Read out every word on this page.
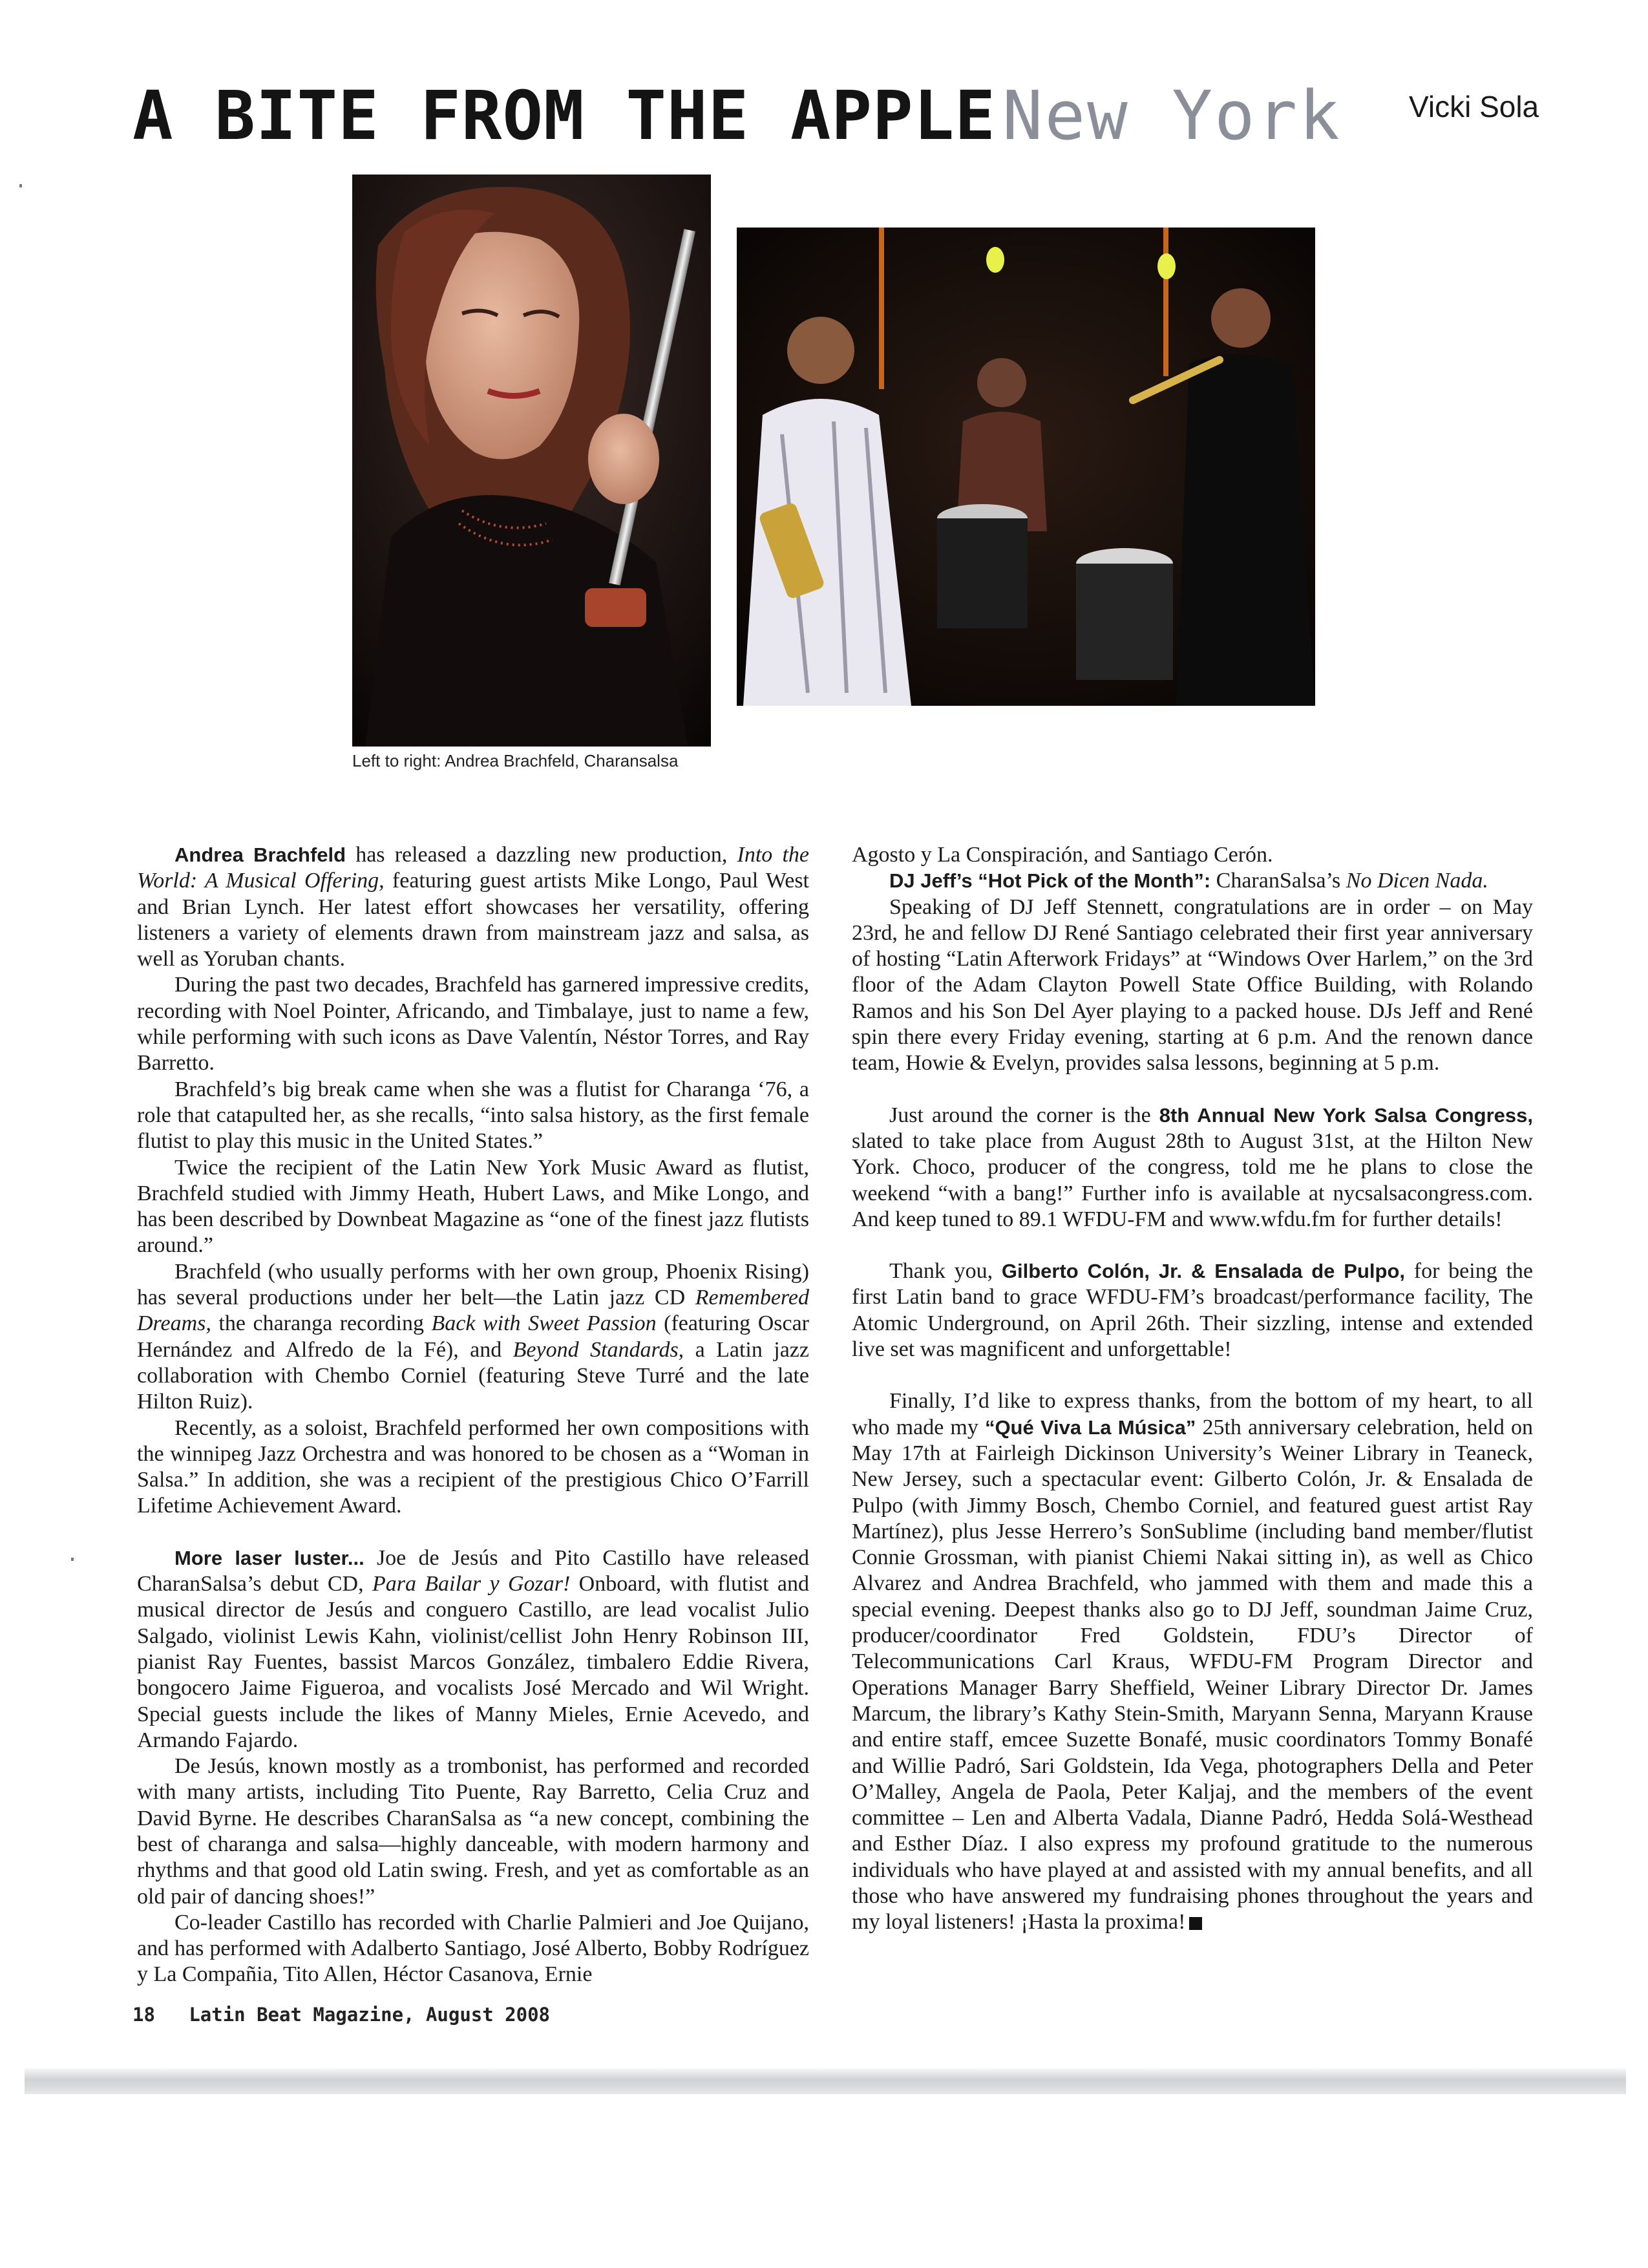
A BITE FROM THE APPLENew York Vicki Sola
Left to right: Andrea Brachfeld, Charansalsa

Andrea Brachfeld has released a dazzling new production, Into the World: A Musical Offering, featuring guest artists Mike Longo, Paul West and Brian Lynch. Her latest effort showcases her versatility, offering listeners a variety of elements drawn from mainstream jazz and salsa, as well as Yoruban chants.

During the past two decades, Brachfeld has garnered impressive credits, recording with Noel Pointer, Africando, and Timbalaye, just to name a few, while performing with such icons as Dave Valentín, Néstor Torres, and Ray Barretto.

Brachfeld’s big break came when she was a flutist for Charanga ‘76, a role that catapulted her, as she recalls, “into salsa history, as the first female flutist to play this music in the United States.”

Twice the recipient of the Latin New York Music Award as flutist, Brachfeld studied with Jimmy Heath, Hubert Laws, and Mike Longo, and has been described by Downbeat Magazine as “one of the finest jazz flutists around.”

Brachfeld (who usually performs with her own group, Phoenix Rising) has several productions under her belt—the Latin jazz CD Remembered Dreams, the charanga recording Back with Sweet Passion (featuring Oscar Hernández and Alfredo de la Fé), and Beyond Standards, a Latin jazz collaboration with Chembo Corniel (featuring Steve Turré and the late Hilton Ruiz).

Recently, as a soloist, Brachfeld performed her own compositions with the winnipeg Jazz Orchestra and was honored to be chosen as a “Woman in Salsa.” In addition, she was a recipient of the prestigious Chico O’Farrill Lifetime Achievement Award.

More laser luster... Joe de Jesús and Pito Castillo have released CharanSalsa’s debut CD, Para Bailar y Gozar! Onboard, with flutist and musical director de Jesús and conguero Castillo, are lead vocalist Julio Salgado, violinist Lewis Kahn, violinist/cellist John Henry Robinson III, pianist Ray Fuentes, bassist Marcos González, timbalero Eddie Rivera, bongocero Jaime Figueroa, and vocalists José Mercado and Wil Wright. Special guests include the likes of Manny Mieles, Ernie Acevedo, and Armando Fajardo.

De Jesús, known mostly as a trombonist, has performed and recorded with many artists, including Tito Puente, Ray Barretto, Celia Cruz and David Byrne. He describes CharanSalsa as “a new concept, combining the best of charanga and salsa—highly danceable, with modern harmony and rhythms and that good old Latin swing. Fresh, and yet as comfortable as an old pair of dancing shoes!”

Co-leader Castillo has recorded with Charlie Palmieri and Joe Quijano, and has performed with Adalberto Santiago, José Alberto, Bobby Rodríguez y La Compañia, Tito Allen, Héctor Casanova, Ernie

Agosto y La Conspiración, and Santiago Cerón.

DJ Jeff’s “Hot Pick of the Month”: CharanSalsa’s No Dicen Nada.

Speaking of DJ Jeff Stennett, congratulations are in order – on May 23rd, he and fellow DJ René Santiago celebrated their first year anniversary of hosting “Latin Afterwork Fridays” at “Windows Over Harlem,” on the 3rd floor of the Adam Clayton Powell State Office Building, with Rolando Ramos and his Son Del Ayer playing to a packed house. DJs Jeff and René spin there every Friday evening, starting at 6 p.m. And the renown dance team, Howie & Evelyn, provides salsa lessons, beginning at 5 p.m.

Just around the corner is the 8th Annual New York Salsa Congress, slated to take place from August 28th to August 31st, at the Hilton New York. Choco, producer of the congress, told me he plans to close the weekend “with a bang!” Further info is available at nycsalsacongress.com. And keep tuned to 89.1 WFDU-FM and www.wfdu.fm for further details!

Thank you, Gilberto Colón, Jr. & Ensalada de Pulpo, for being the first Latin band to grace WFDU-FM’s broadcast/performance facility, The Atomic Underground, on April 26th. Their sizzling, intense and extended live set was magnificent and unforgettable!

Finally, I’d like to express thanks, from the bottom of my heart, to all who made my “Qué Viva La Música” 25th anniversary celebration, held on May 17th at Fairleigh Dickinson University’s Weiner Library in Teaneck, New Jersey, such a spectacular event: Gilberto Colón, Jr. & Ensalada de Pulpo (with Jimmy Bosch, Chembo Corniel, and featured guest artist Ray Martínez), plus Jesse Herrero’s SonSublime (including band member/flutist Connie Grossman, with pianist Chiemi Nakai sitting in), as well as Chico Alvarez and Andrea Brachfeld, who jammed with them and made this a special evening. Deepest thanks also go to DJ Jeff, soundman Jaime Cruz, producer/coordinator Fred Goldstein, FDU’s Director of Telecommunications Carl Kraus, WFDU-FM Program Director and Operations Manager Barry Sheffield, Weiner Library Director Dr. James Marcum, the library’s Kathy Stein-Smith, Maryann Senna, Maryann Krause and entire staff, emcee Suzette Bonafé, music coordinators Tommy Bonafé and Willie Padró, Sari Goldstein, Ida Vega, photographers Della and Peter O’Malley, Angela de Paola, Peter Kaljaj, and the members of the event committee – Len and Alberta Vadala, Dianne Padró, Hedda Solá-Westhead and Esther Díaz. I also express my profound gratitude to the numerous individuals who have played at and assisted with my annual benefits, and all those who have answered my fundraising phones throughout the years and my loyal listeners! ¡Hasta la proxima!

18 Latin Beat Magazine, August 2008
